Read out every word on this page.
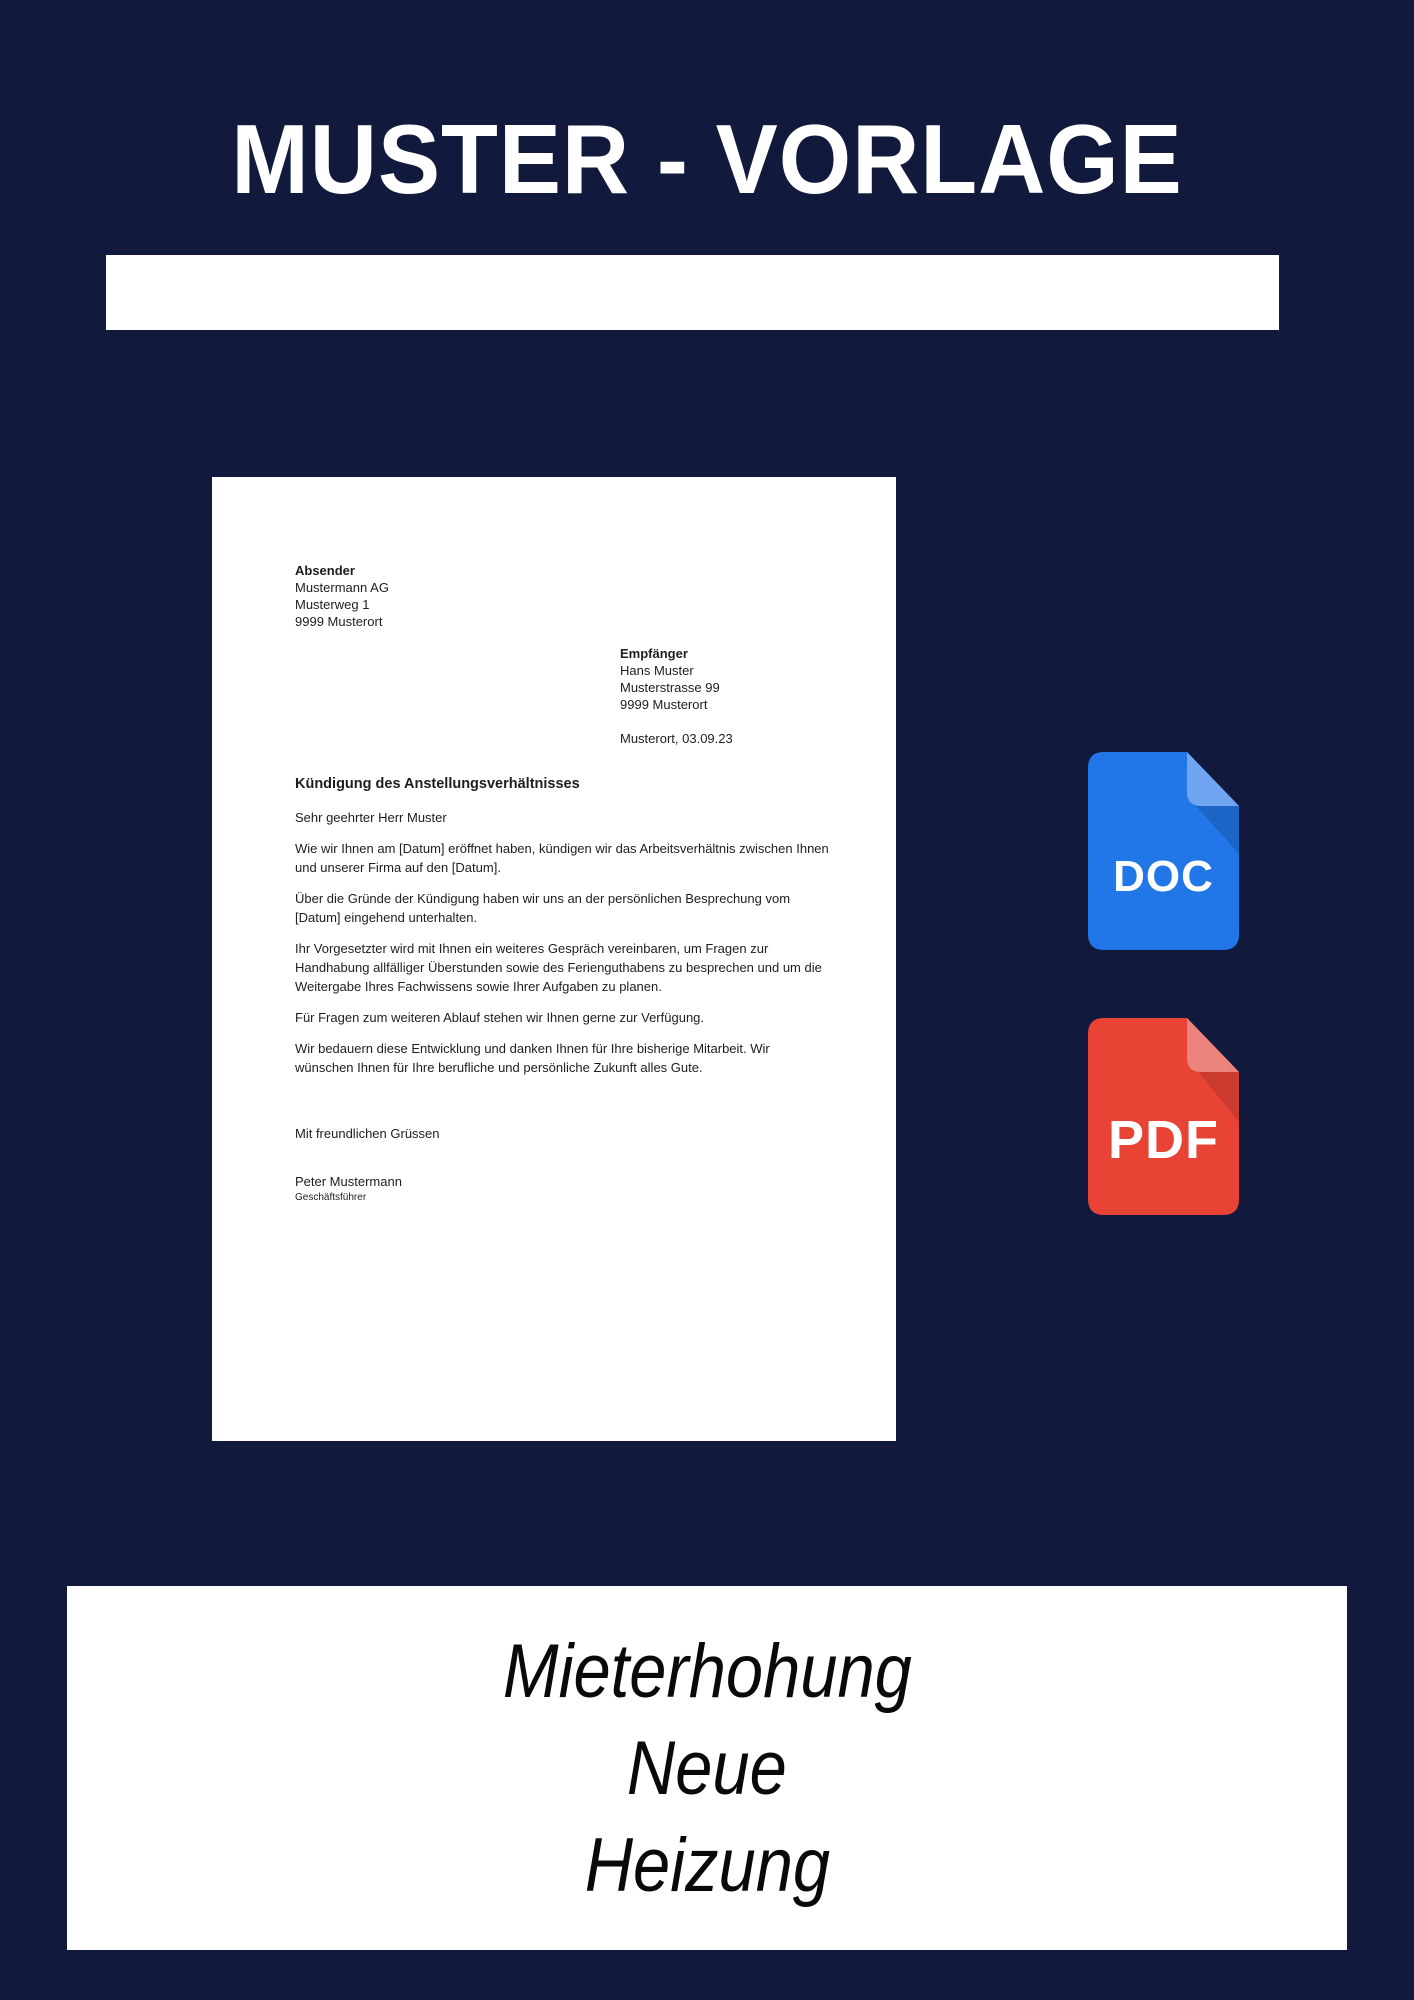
MUSTER - VORLAGE
Absender
Mustermann AG
Musterweg 1
9999 Musterort
Empfänger
Hans Muster
Musterstrasse 99
9999 Musterort
Musterort, 03.09.23
Kündigung des Anstellungsverhältnisses
Sehr geehrter Herr Muster
Wie wir Ihnen am [Datum] eröffnet haben, kündigen wir das Arbeitsverhältnis zwischen Ihnen
und unserer Firma auf den [Datum].
Über die Gründe der Kündigung haben wir uns an der persönlichen Besprechung vom
[Datum] eingehend unterhalten.
Ihr Vorgesetzter wird mit Ihnen ein weiteres Gespräch vereinbaren, um Fragen zur
Handhabung allfälliger Überstunden sowie des Ferienguthabens zu besprechen und um die
Weitergabe Ihres Fachwissens sowie Ihrer Aufgaben zu planen.
Für Fragen zum weiteren Ablauf stehen wir Ihnen gerne zur Verfügung.
Wir bedauern diese Entwicklung und danken Ihnen für Ihre bisherige Mitarbeit. Wir
wünschen Ihnen für Ihre berufliche und persönliche Zukunft alles Gute.
Mit freundlichen Grüssen
Peter Mustermann
Geschäftsführer
DOC
PDF
Mieterhohung
Neue
Heizung
